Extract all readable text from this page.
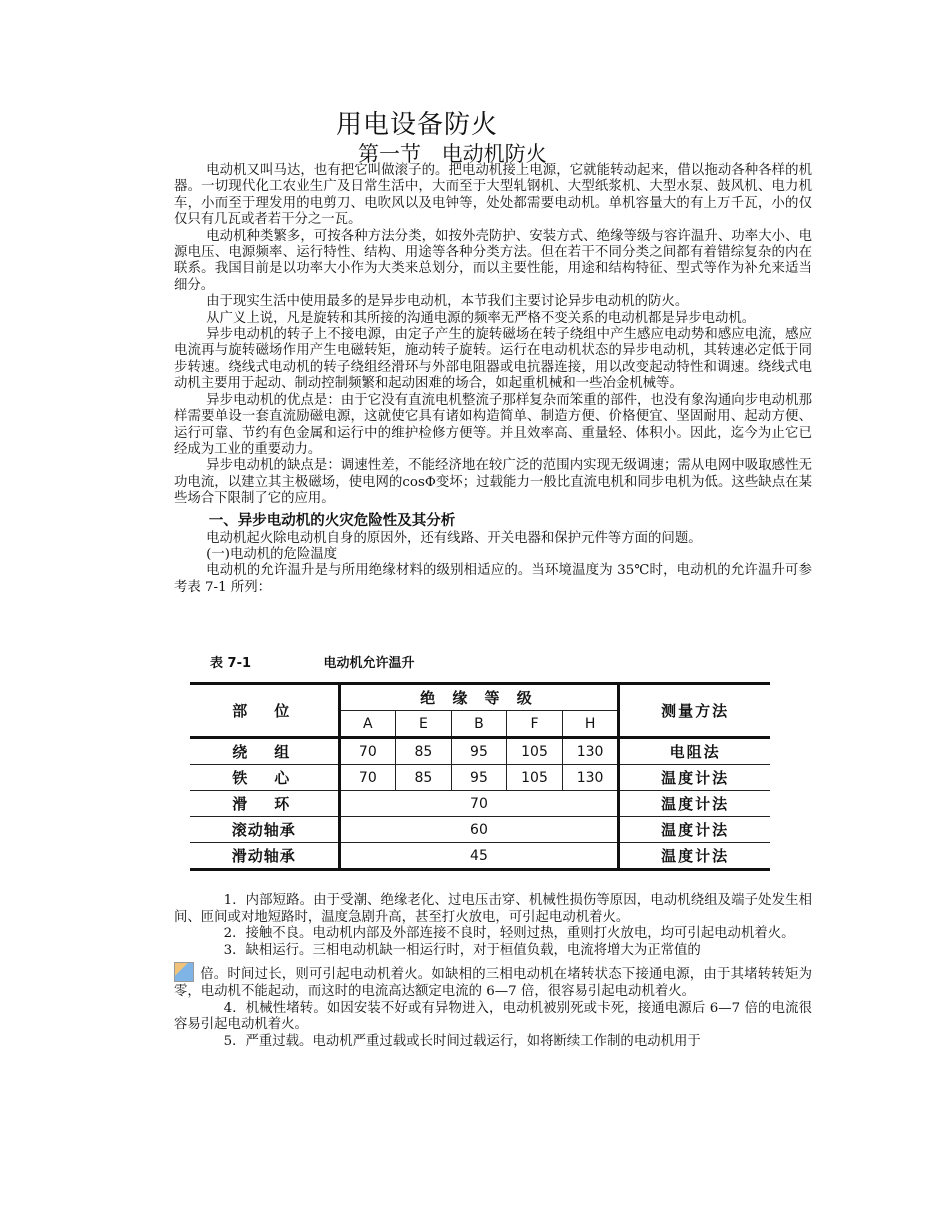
用电设备防火
第一节 电动机防火

电动机又叫马达，也有把它叫做滚子的。把电动机接上电源，它就能转动起来，借以拖动各种各样的机器。一切现代化工农业生广及日常生活中，大而至于大型轧钢机、大型纸浆机、大型水泵、鼓风机、电力机车，小而至于理发用的电剪刀、电吹风以及电钟等，处处都需要电动机。单机容量大的有上万千瓦，小的仅仅只有几瓦或者若干分之一瓦。

电动机种类繁多，可按各种方法分类，如按外壳防护、安装方式、绝缘等级与容许温升、功率大小、电源电压、电源频率、运行特性、结构、用途等各种分类方法。但在若干不同分类之间都有着错综复杂的内在联系。我国目前是以功率大小作为大类来总划分，而以主要性能，用途和结构特征、型式等作为补允来适当细分。

由于现实生活中使用最多的是异步电动机，本节我们主要讨论异步电动机的防火。

从广义上说，凡是旋转和其所接的沟通电源的频率无严格不变关系的电动机都是异步电动机。

异步电动机的转子上不接电源，由定子产生的旋转磁场在转子绕组中产生感应电动势和感应电流，感应电流再与旋转磁场作用产生电磁转矩，施动转子旋转。运行在电动机状态的异步电动机，其转速必定低于同步转速。绕线式电动机的转子绕组经滑环与外部电阻器或电抗器连接，用以改变起动特性和调速。绕线式电动机主要用于起动、制动控制频繁和起动困难的场合，如起重机械和一些冶金机械等。

异步电动机的优点是：由于它没有直流电机整流子那样复杂而笨重的部件，也没有象沟通向步电动机那样需要单设一套直流励磁电源，这就使它具有诸如构造简单、制造方便、价格便宜、坚固耐用、起动方便、运行可靠、节约有色金属和运行中的维护检修方便等。并且效率高、重量轻、体积小。因此，迄今为止它已经成为工业的重要动力。

异步电动机的缺点是：调速性差，不能经济地在较广泛的范围内实现无级调速；需从电网中吸取感性无功电流，以建立其主极磁场，使电网的cosΦ变坏；过载能力一般比直流电机和同步电机为低。这些缺点在某些场合下限制了它的应用。

一、异步电动机的火灾危险性及其分析

电动机起火除电动机自身的原因外，还有线路、开关电器和保护元件等方面的问题。

(一)电动机的危险温度

电动机的允许温升是与所用绝缘材料的级别相适应的。当环境温度为 35℃时，电动机的允许温升可参考表 7-1 所列：

表 7-1	电动机允许温升
部　位	绝 缘 等 级					测量方法
	A	E	B	F	H	
绕　组	70	85	95	105	130	电阻法
铁　心	70	85	95	105	130	温度计法
滑　环	70					温度计法
滚动轴承	60					温度计法
滑动轴承	45					温度计法

1．内部短路。由于受潮、绝缘老化、过电压击穿、机械性损伤等原因，电动机绕组及端子处发生相间、匝间或对地短路时，温度急剧升高，甚至打火放电，可引起电动机着火。

2．接触不良。电动机内部及外部连接不良时，轻则过热，重则打火放电，均可引起电动机着火。

3．缺相运行。三相电动机缺一相运行时，对于桓值负载，电流将增大为正常值的

倍。时间过长，则可引起电动机着火。如缺相的三相电动机在堵转状态下接通电源，由于其堵转转矩为零，电动机不能起动，而这时的电流高达额定电流的 6—7 倍，很容易引起电动机着火。

4．机械性堵转。如因安装不好或有异物进入，电动机被别死或卡死，接通电源后 6—7 倍的电流很容易引起电动机着火。

5．严重过载。电动机严重过载或长时间过载运行，如将断续工作制的电动机用于
